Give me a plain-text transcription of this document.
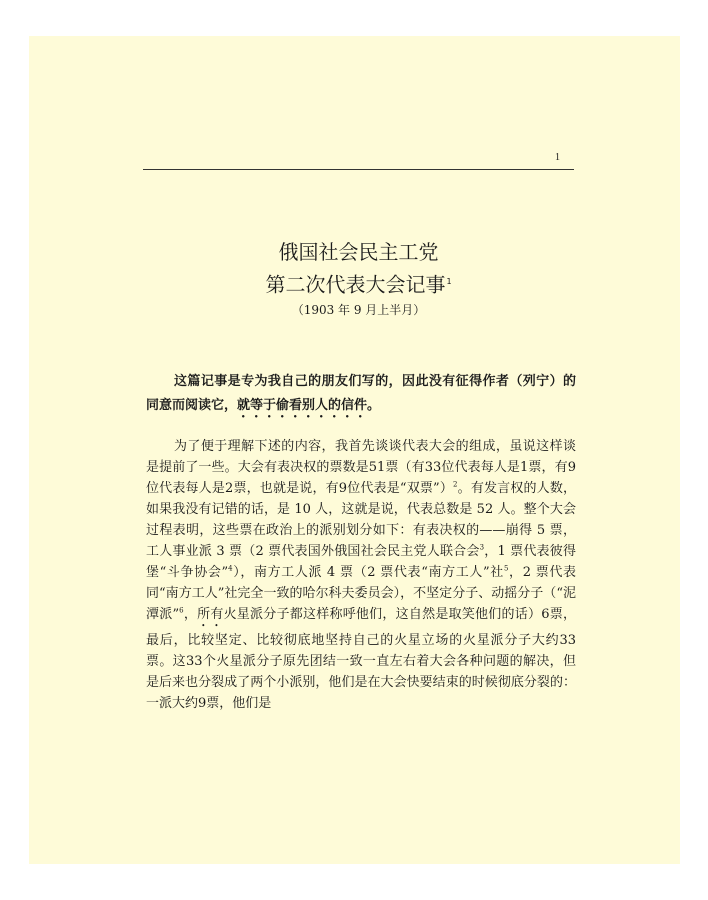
1
俄国社会民主工党
第二次代表大会记事$^1$
（1903 年 9 月上半月）

这篇记事是专为我自己的朋友们写的，因此没有征得作者（列宁）的同意而阅读它，就等于偷看别人的信件。

为了便于理解下述的内容，我首先谈谈代表大会的组成，虽说这样谈是提前了一些。大会有表决权的票数是51票（有33位代表每人是1票，有9位代表每人是2票，也就是说，有9位代表是“双票”）$^2$。有发言权的人数，如果我没有记错的话，是 10 人，这就是说，代表总数是 52 人。整个大会过程表明，这些票在政治上的派别划分如下：有表决权的——崩得 5 票，工人事业派 3 票（2 票代表国外俄国社会民主党人联合会$^3$，1 票代表彼得堡“斗争协会”$^4$），南方工人派 4 票（2 票代表“南方工人”社$^5$，2 票代表同“南方工人”社完全一致的哈尔科夫委员会），不坚定分子、动摇分子（“泥潭派”$^6$，所有火星派分子都这样称呼他们，这自然是取笑他们的话）6票，最后，比较坚定、比较彻底地坚持自己的火星立场的火星派分子大约33票。这33个火星派分子原先团结一致一直左右着大会各种问题的解决，但是后来也分裂成了两个小派别，他们是在大会快要结束的时候彻底分裂的：一派大约9票，他们是
